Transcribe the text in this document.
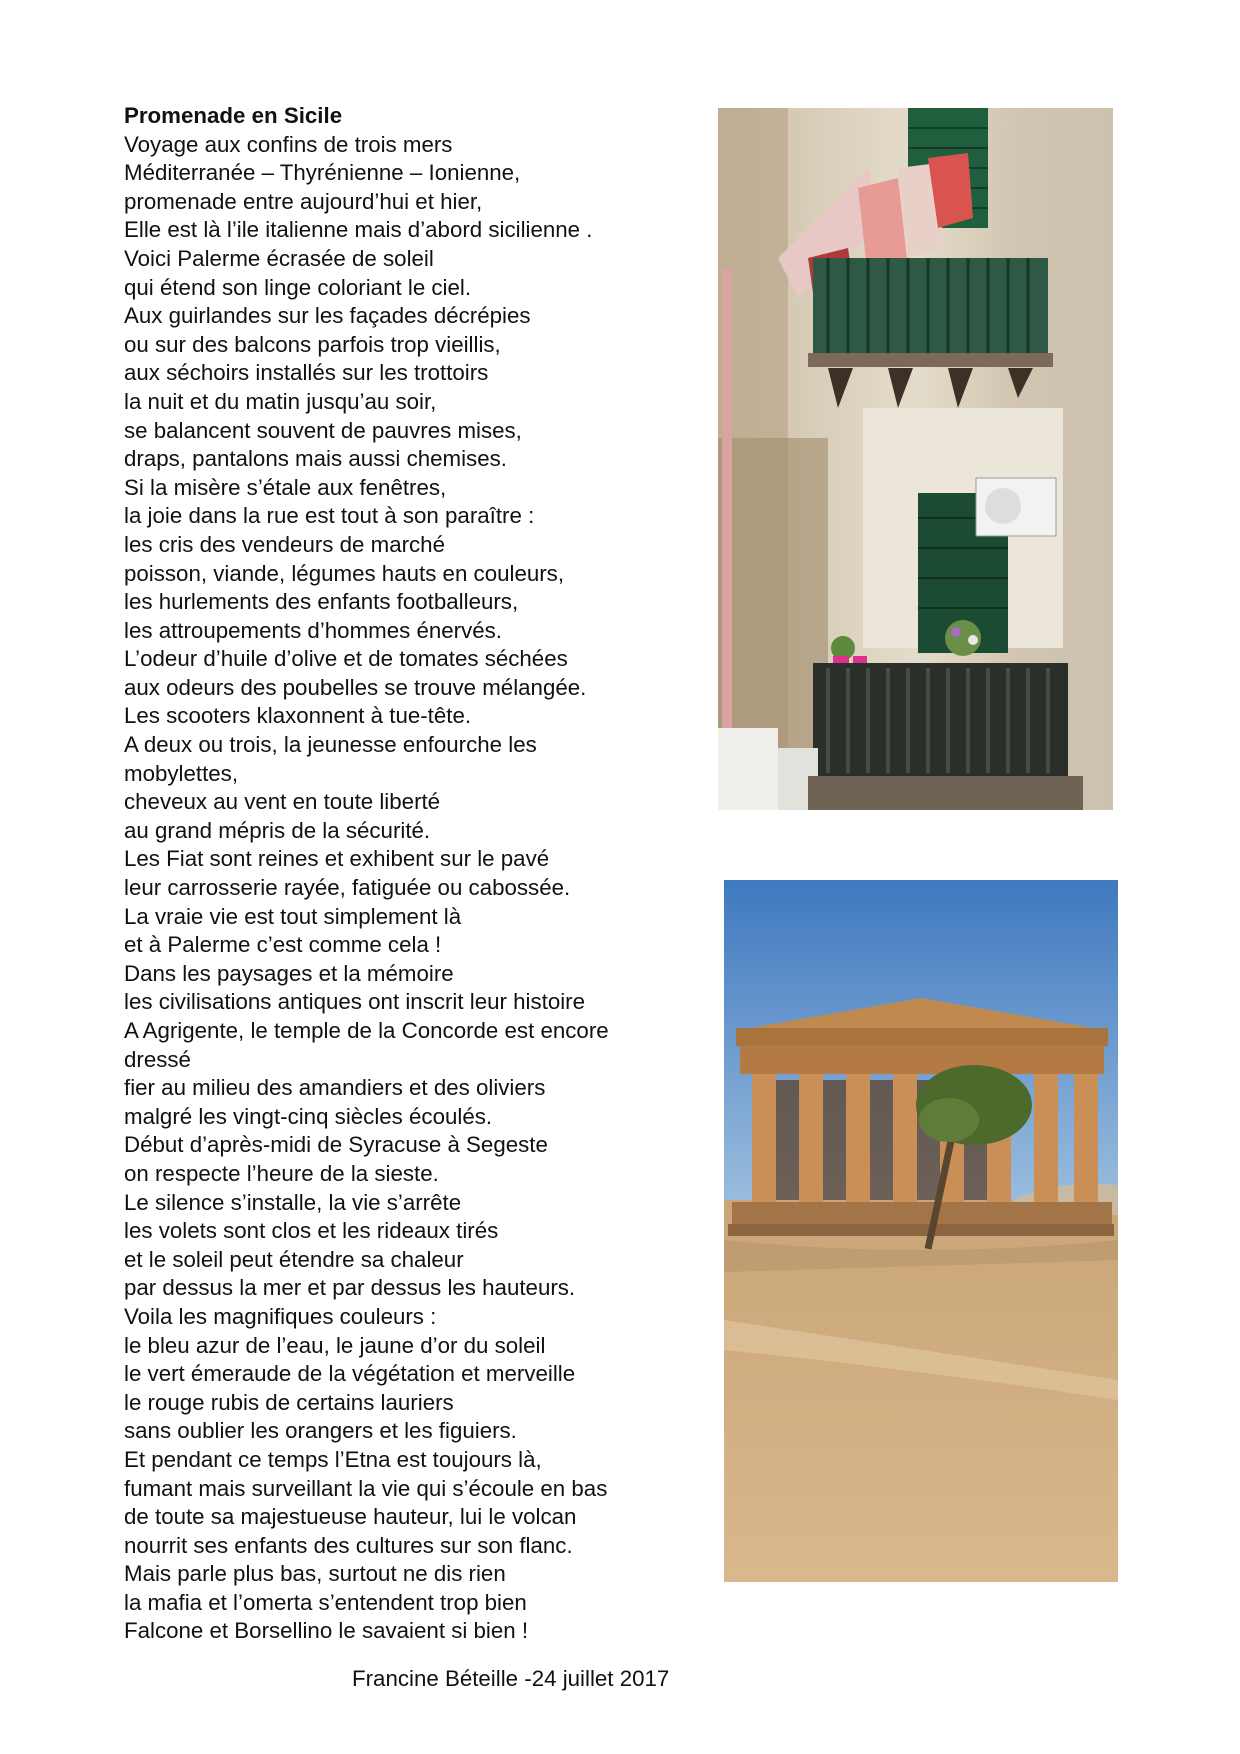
Promenade en Sicile
Voyage aux confins de trois mers
Méditerranée – Thyrénienne – Ionienne,
promenade entre aujourd’hui et hier,
Elle est là l’ile italienne mais d’abord sicilienne .
Voici Palerme écrasée de soleil
qui étend son linge coloriant le ciel.
Aux guirlandes sur les façades décrépies
ou sur des balcons parfois trop vieillis,
aux séchoirs installés sur les trottoirs
la nuit et du matin jusqu’au soir,
se balancent souvent de pauvres mises,
draps, pantalons mais aussi chemises.
Si la misère s’étale aux fenêtres,
la joie dans la rue est tout à son paraître :
les cris des vendeurs de marché
poisson, viande, légumes hauts en couleurs,
les hurlements des enfants footballeurs,
les attroupements d’hommes énervés.
L’odeur d’huile d’olive et de tomates séchées
aux odeurs des poubelles se trouve mélangée.
Les scooters klaxonnent à tue-tête.
A deux ou trois, la jeunesse enfourche les
mobylettes,
cheveux au vent en toute liberté
au grand mépris de la sécurité.
Les Fiat sont reines et exhibent sur le pavé
leur carrosserie rayée, fatiguée ou cabossée.
La vraie vie est tout simplement là
et à Palerme c’est comme cela !
Dans les paysages et la mémoire
les civilisations antiques ont inscrit leur histoire
A Agrigente, le temple de la Concorde est encore
dressé
fier au milieu des amandiers et des oliviers
malgré les vingt-cinq siècles écoulés.
Début d’après-midi de Syracuse à Segeste
on respecte l’heure de la sieste.
Le silence s’installe, la vie s’arrête
les volets sont clos et les rideaux tirés
et le soleil peut étendre sa chaleur
par dessus la mer et par dessus les hauteurs.
Voila les magnifiques couleurs :
le bleu azur de l’eau, le jaune d’or du soleil
le vert émeraude de la végétation et merveille
le rouge rubis de certains lauriers
sans oublier les orangers et les figuiers.
Et pendant ce temps l’Etna est toujours là,
fumant mais surveillant la vie qui s’écoule en bas
de toute sa majestueuse hauteur, lui le volcan
nourrit ses enfants des cultures sur son flanc.
Mais parle plus bas, surtout ne dis rien
la mafia et l’omerta s’entendent trop bien
Falcone et Borsellino le savaient si bien !
Francine Béteille -24 juillet 2017
